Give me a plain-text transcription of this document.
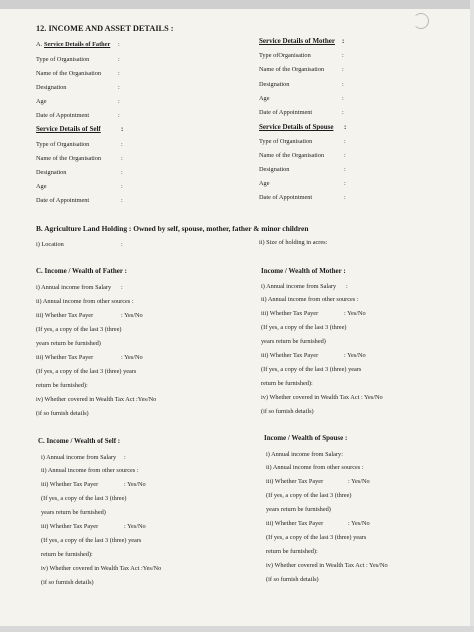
12. INCOME AND ASSET DETAILS :
A. Service Details of Father :
Type of Organisation	:
Name of the Organisation	:
Designation	:
Age	:
Date of Appointment	:
Service Details of Mother :
Type ofOrganisation	:
Name of the Organisation	:
Designation	:
Age	:
Date of Appointment	:
Service Details of Self	:
Type of Organisation	:
Name of the Organisation	:
Designation	:
Age	:
Date of Appointment	:
Service Details of Spouse :
Type of Organisation	:
Name of the Organisation	:
Designation	:
Age	:
Date of Appointment	:
B. Agriculture Land Holding : Owned by self, spouse, mother, father & minor children
i) Location	:	ii) Size of holding in acres:
C. Income / Wealth of Father :
i) Annual income from Salary :
ii) Annual income from other sources :
iii) Whether Tax Payer	: Yes/No
(If yes, a copy of the last 3 (three)
years return be furnished)
iii) Whether Tax Payer	: Yes/No
(If yes, a copy of the last 3 (three) years
return be furnished):
iv) Whether covered in Wealth Tax Act :Yes/No
(if so furnish details)
Income / Wealth of Mother :
i) Annual income from Salary :
ii) Annual income from other sources :
iii) Whether Tax Payer	: Yes/No
(If yes, a copy of the last 3 (three)
years return be furnished)
iii) Whether Tax Payer	: Yes/No
(If yes, a copy of the last 3 (three) years
return be furnished):
iv) Whether covered in Wealth Tax Act : Yes/No
(if so furnish details)
C. Income / Wealth of Self :
i) Annual income from Salary :
ii) Annual income from other sources :
iii) Whether Tax Payer	: Yes/No
(If yes, a copy of the last 3 (three)
years return be furnished)
iii) Whether Tax Payer	: Yes/No
(If yes, a copy of the last 3 (three) years
return be furnished):
iv) Whether covered in Wealth Tax Act :Yes/No
(if so furnish details)
Income / Wealth of Spouse :
i) Annual income from Salary:
ii) Annual income from other sources :
iii) Whether Tax Payer	: Yes/No
(If yes, a copy of the last 3 (three)
years return be furnished)
iii) Whether Tax Payer	: Yes/No
(If yes, a copy of the last 3 (three) years
return be furnished):
iv) Whether covered in Wealth Tax Act : Yes/No
(if so furnish details)
